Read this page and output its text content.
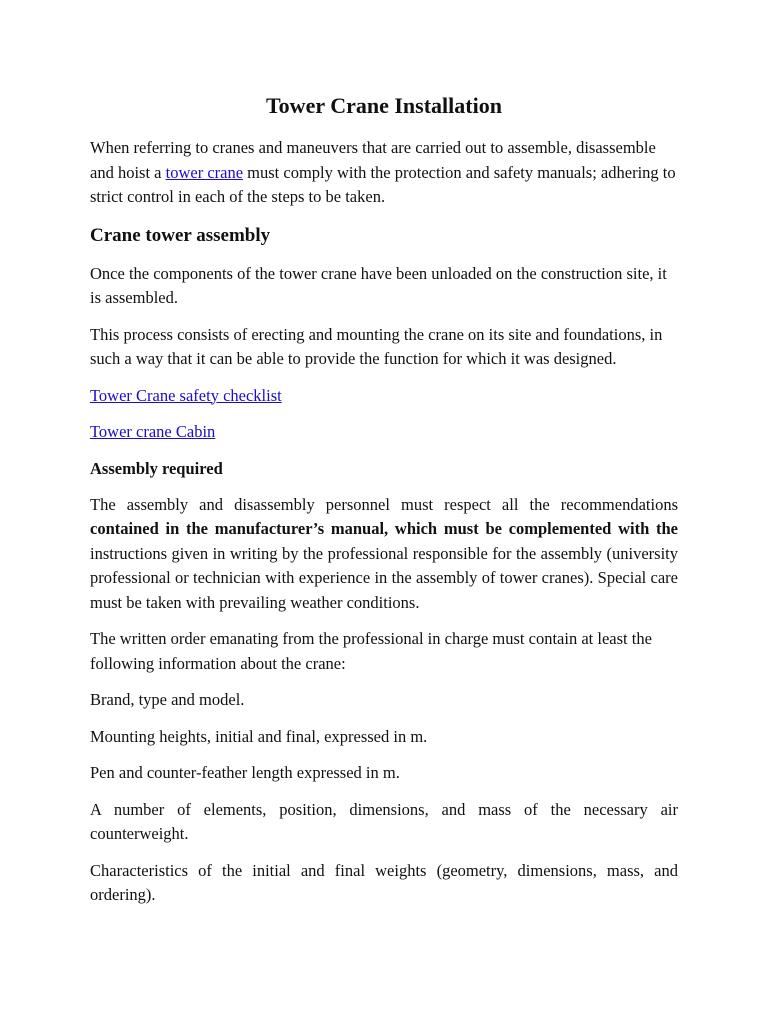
Tower Crane Installation

When referring to cranes and maneuvers that are carried out to assemble, disassemble and hoist a tower crane must comply with the protection and safety manuals; adhering to strict control in each of the steps to be taken.

Crane tower assembly

Once the components of the tower crane have been unloaded on the construction site, it is assembled.

This process consists of erecting and mounting the crane on its site and foundations, in such a way that it can be able to provide the function for which it was designed.

Tower Crane safety checklist

Tower crane Cabin

Assembly required

The assembly and disassembly personnel must respect all the recommendations contained in the manufacturer’s manual, which must be complemented with the instructions given in writing by the professional responsible for the assembly (university professional or technician with experience in the assembly of tower cranes). Special care must be taken with prevailing weather conditions.

The written order emanating from the professional in charge must contain at least the following information about the crane:

Brand, type and model.

Mounting heights, initial and final, expressed in m.

Pen and counter-feather length expressed in m.

A number of elements, position, dimensions, and mass of the necessary air counterweight.

Characteristics of the initial and final weights (geometry, dimensions, mass, and ordering).
